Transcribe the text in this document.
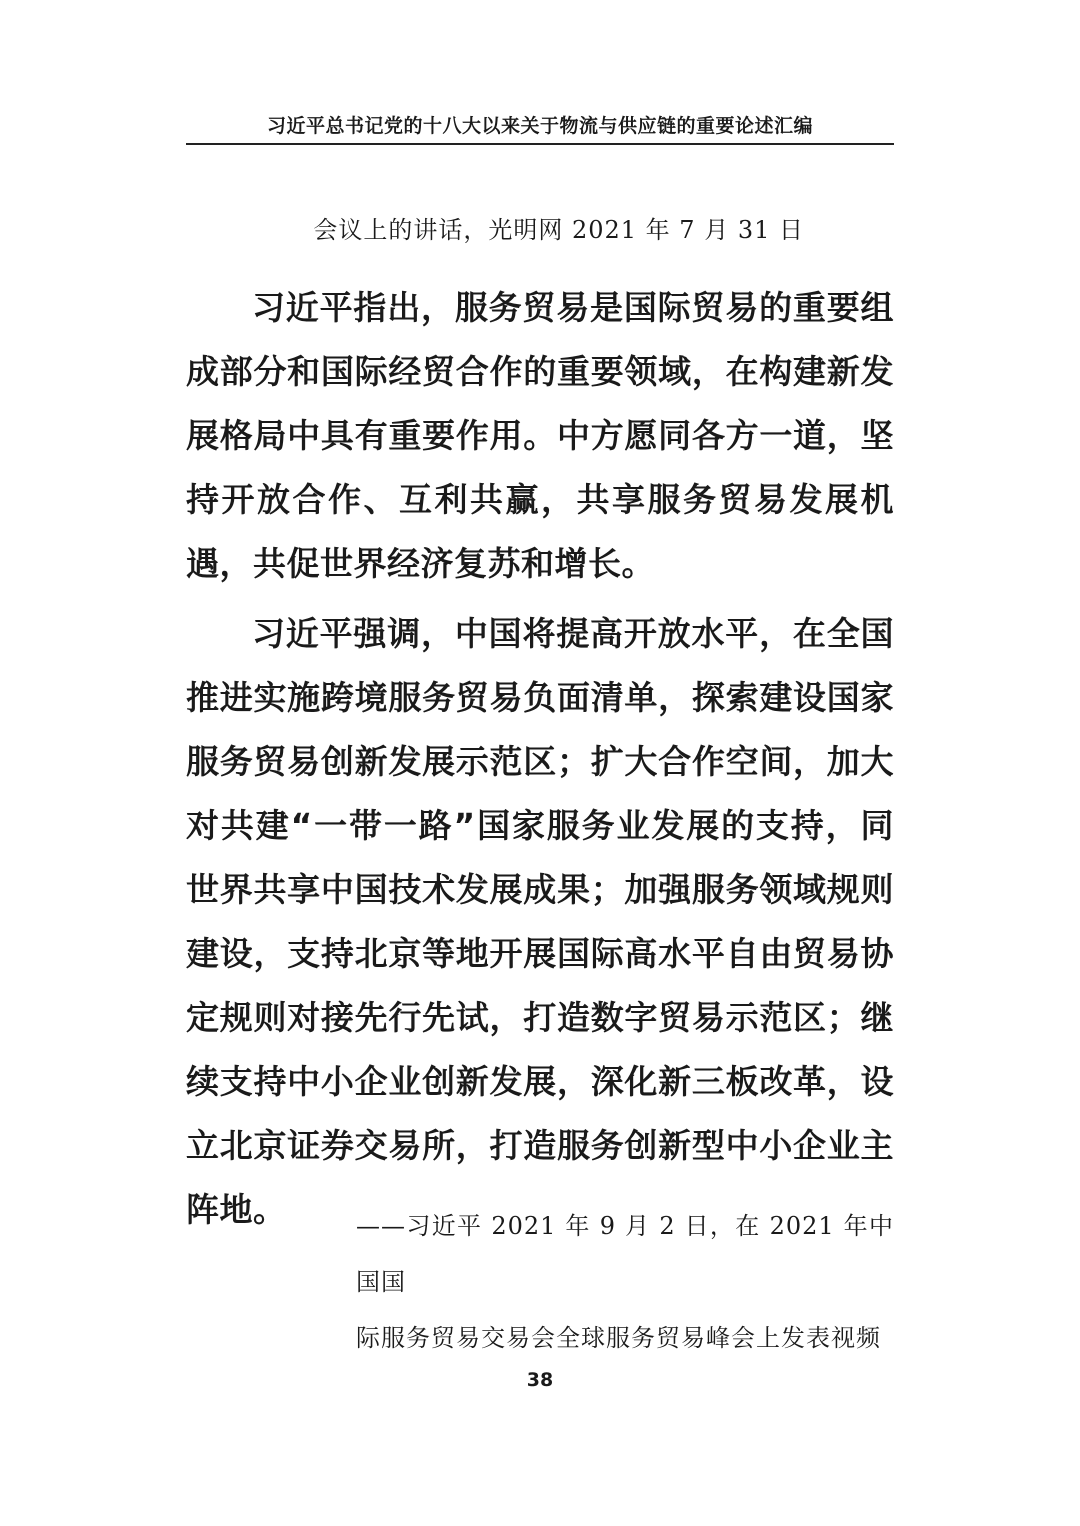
习近平总书记党的十八大以来关于物流与供应链的重要论述汇编
会议上的讲话，光明网 2021 年 7 月 31 日

习近平指出，服务贸易是国际贸易的重要组成部分和国际经贸合作的重要领域，在构建新发展格局中具有重要作用。中方愿同各方一道，坚持开放合作、互利共赢，共享服务贸易发展机遇，共促世界经济复苏和增长。

习近平强调，中国将提高开放水平，在全国推进实施跨境服务贸易负面清单，探索建设国家服务贸易创新发展示范区；扩大合作空间，加大对共建“一带一路”国家服务业发展的支持，同世界共享中国技术发展成果；加强服务领域规则建设，支持北京等地开展国际高水平自由贸易协定规则对接先行先试，打造数字贸易示范区；继续支持中小企业创新发展，深化新三板改革，设立北京证券交易所，打造服务创新型中小企业主阵地。	——习近平 2021 年 9 月 2 日，在 2021 年中国国
际服务贸易交易会全球服务贸易峰会上发表视频
38
